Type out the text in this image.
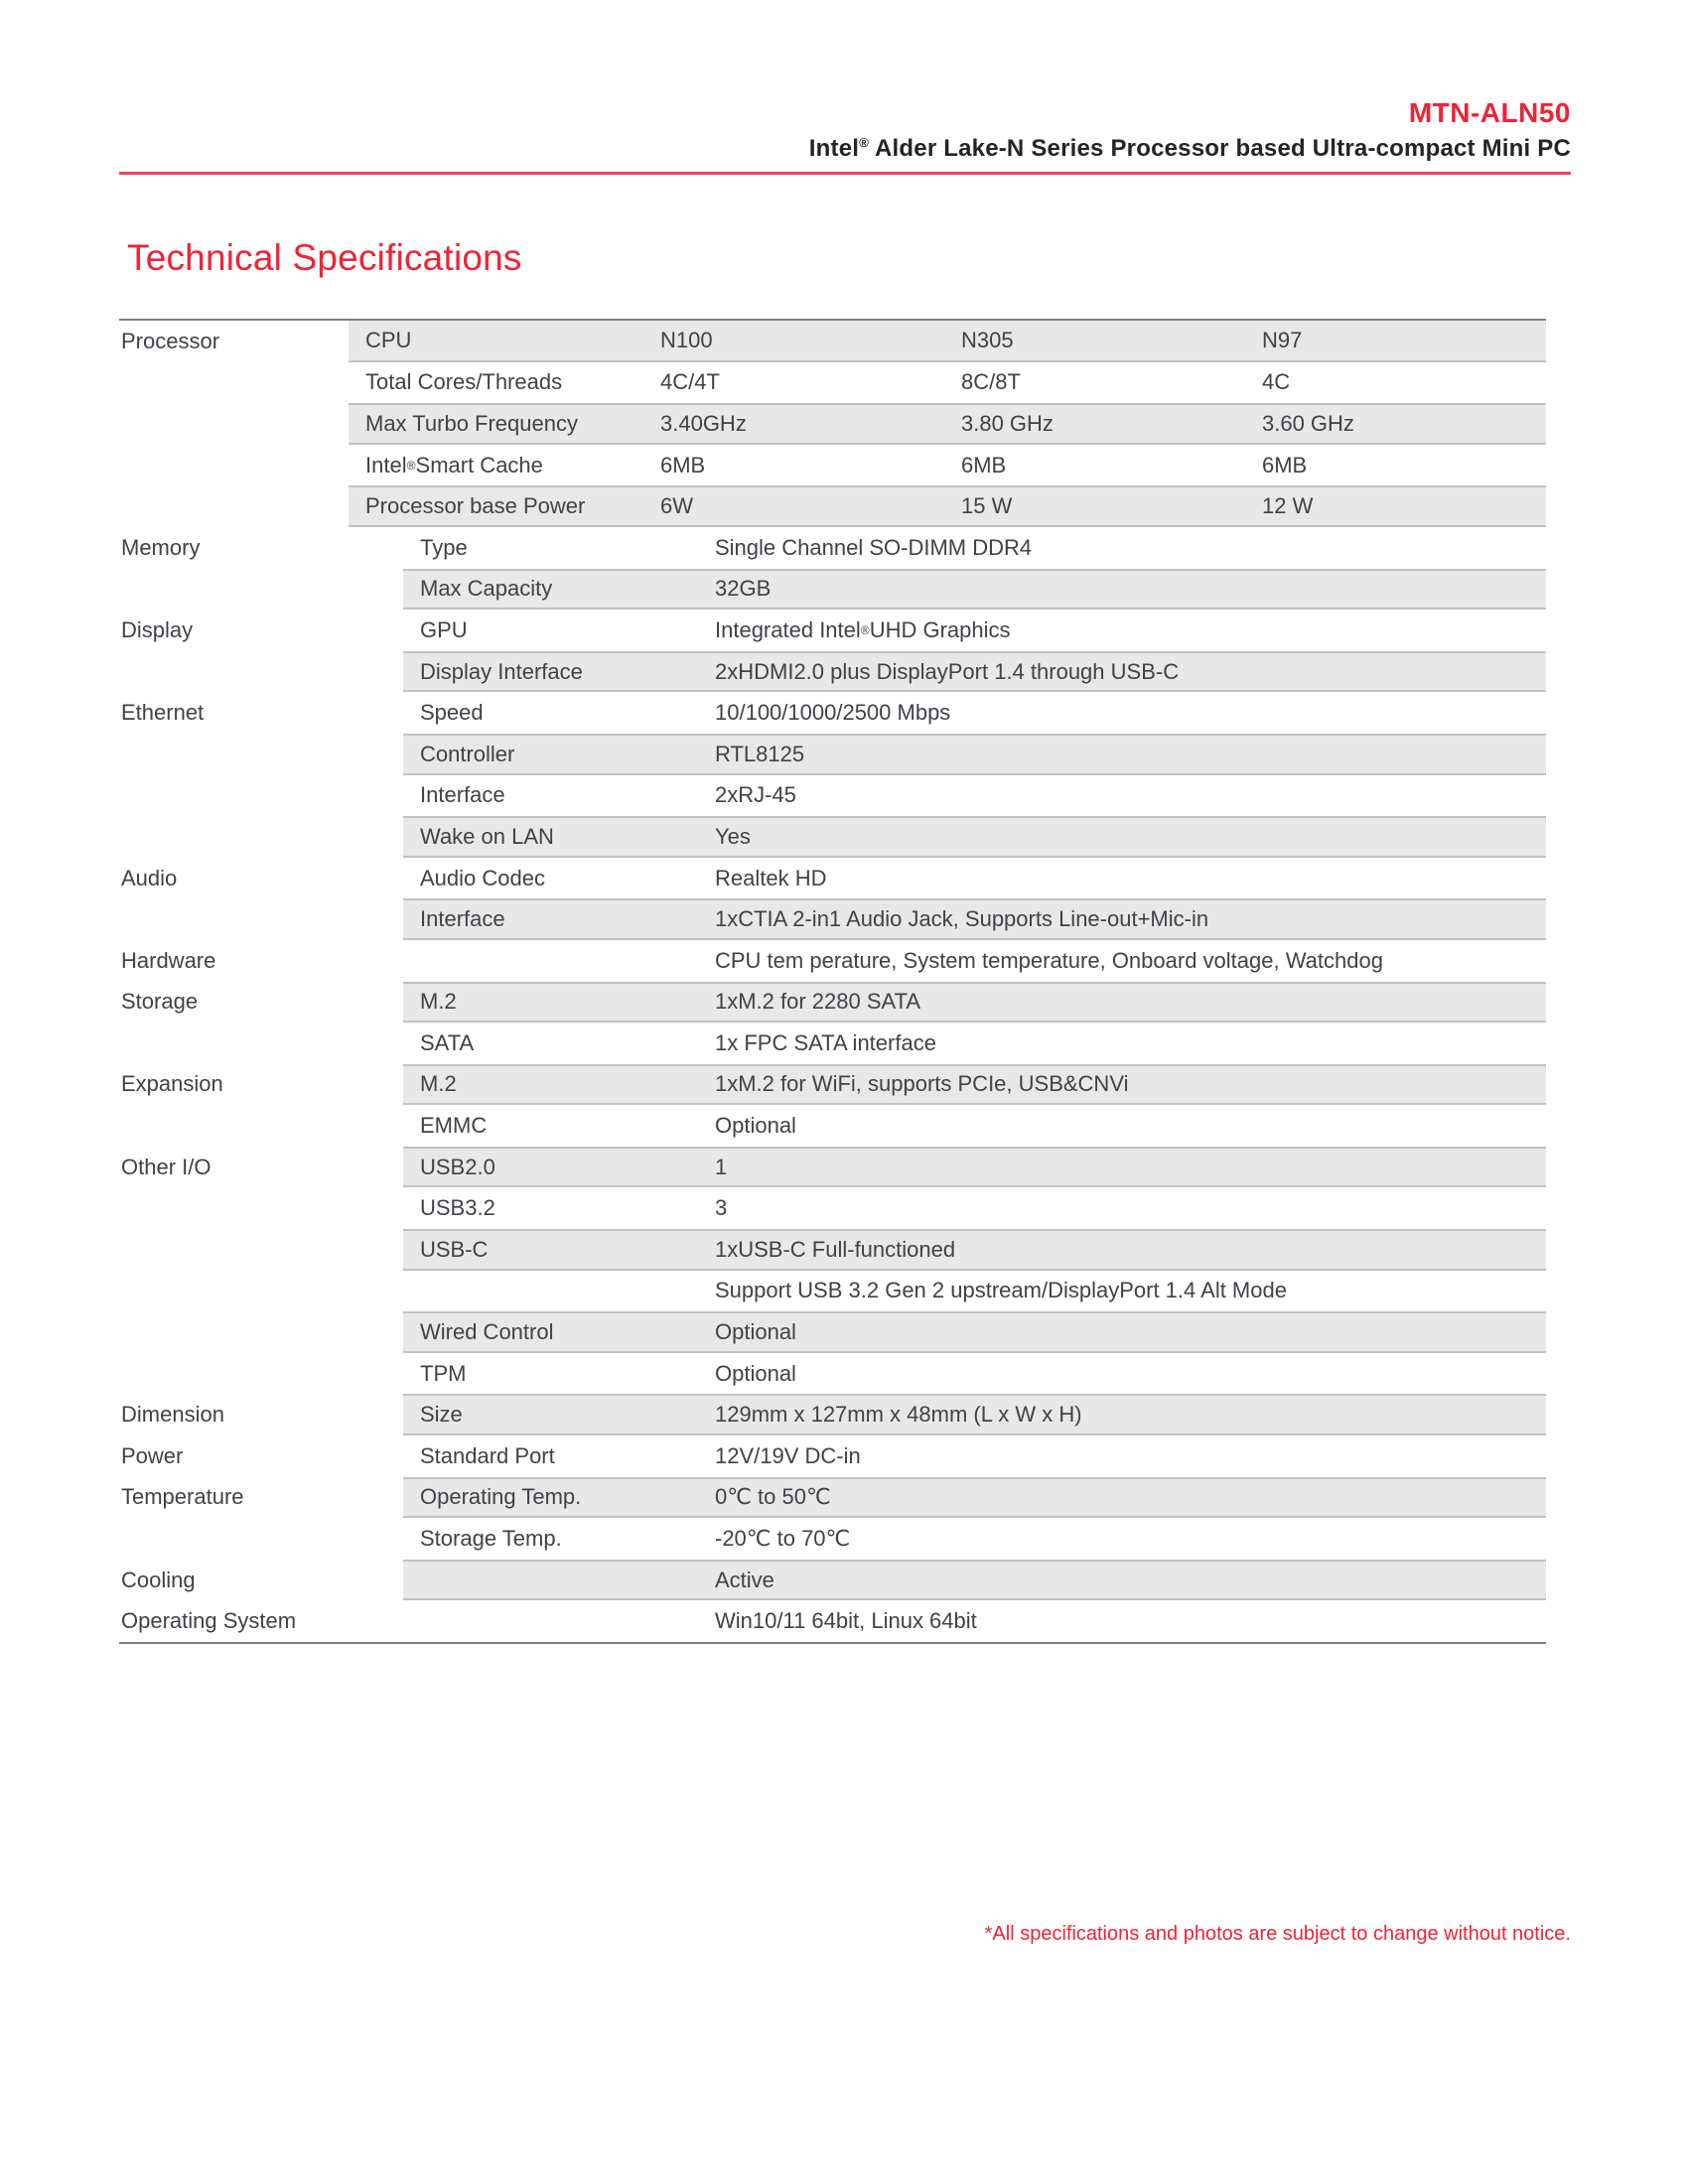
MTN-ALN50
Intel® Alder Lake-N Series Processor based Ultra-compact Mini PC
Technical Specifications
Processor	CPU	N100	N305	N97
Total Cores/Threads	4C/4T	8C/8T	4C
Max Turbo Frequency	3.40GHz	3.80 GHz	3.60 GHz
Intel ® Smart Cache	6MB	6MB	6MB
Processor base Power	6W	15 W	12 W
Memory	Type	Single Channel SO-DIMM DDR4
Max Capacity	32GB
Display	GPU	Integrated Intel ® UHD Graphics
Display Interface	2xHDMI2.0 plus DisplayPort 1.4 through USB-C
Ethernet	Speed	10/100/1000/2500 Mbps
Controller	RTL8125
Interface	2xRJ-45
Wake on LAN	Yes
Audio	Audio Codec	Realtek HD
Interface	1xCTIA 2-in1 Audio Jack, Supports Line-out+Mic-in
Hardware	CPU tem perature, System temperature, Onboard voltage, Watchdog
Storage	M.2	1xM.2 for 2280 SATA
SATA	1x FPC SATA interface
Expansion	M.2	1xM.2 for WiFi, supports PCIe, USB&CNVi
EMMC	Optional
Other I/O	USB2.0	1
USB3.2	3
USB-C	1xUSB-C Full-functioned
Support USB 3.2 Gen 2 upstream/DisplayPort 1.4 Alt Mode
Wired Control	Optional
TPM	Optional
Dimension	Size	129mm x 127mm x 48mm (L x W x H)
Power	Standard Port	12V/19V DC-in
Temperature	Operating Temp.	0℃ to 50℃
Storage Temp.	-20℃ to 70℃
Cooling	Active
Operating System	Win10/11 64bit, Linux 64bit
*All specifications and photos are subject to change without notice.
